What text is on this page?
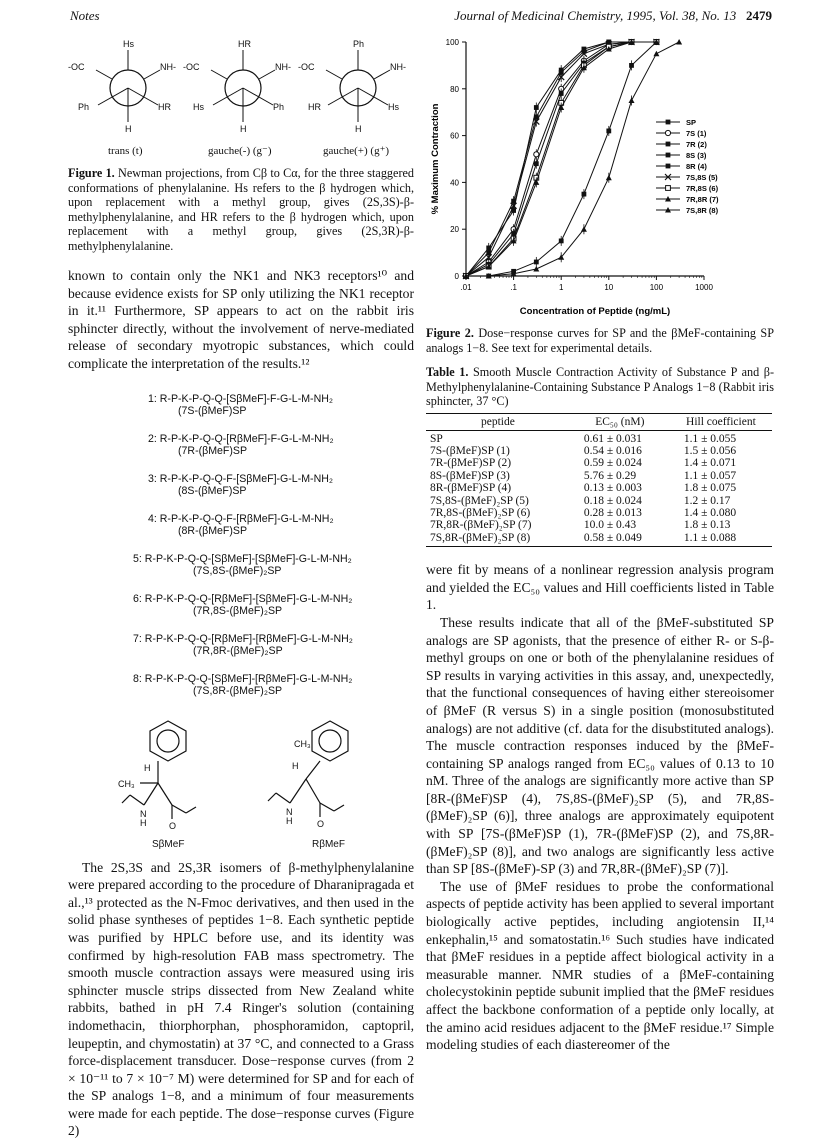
Notes	Journal of Medicinal Chemistry, 1995, Vol. 38, No. 13 2479
Hs
-OC	NH-
Ph	HR
H
HR
-OC	NH-
Hs	Ph
H
Ph
-OC	NH-
HR	Hs
H
trans (t)	gauche(-) (g⁻)	gauche(+) (g⁺)
Figure 1. Newman projections, from Cβ to Cα, for the three staggered conformations of phenylalanine. Hs refers to the β hydrogen which, upon replacement with a methyl group, gives (2S,3S)-β-methylphenylalanine, and HR refers to the β hydrogen which, upon replacement with a methyl group, gives (2S,3R)-β-methylphenylalanine.

known to contain only the NK1 and NK3 receptors¹⁰ and because evidence exists for SP only utilizing the NK1 receptor in it.¹¹ Furthermore, SP appears to act on the rabbit iris sphincter directly, without the involvement of nerve-mediated release of secondary myotropic substances, which could complicate the interpretation of the results.¹²

1: R-P-K-P-Q-Q-[SβMeF]-F-G-L-M-NH₂
(7S-(βMeF)SP
2: R-P-K-P-Q-Q-[RβMeF]-F-G-L-M-NH₂
(7R-(βMeF)SP
3: R-P-K-P-Q-Q-F-[SβMeF]-G-L-M-NH₂
(8S-(βMeF)SP
4: R-P-K-P-Q-Q-F-[RβMeF]-G-L-M-NH₂
(8R-(βMeF)SP
5: R-P-K-P-Q-Q-[SβMeF]-[SβMeF]-G-L-M-NH₂
(7S,8S-(βMeF)₂SP
6: R-P-K-P-Q-Q-[RβMeF]-[SβMeF]-G-L-M-NH₂
(7R,8S-(βMeF)₂SP
7: R-P-K-P-Q-Q-[RβMeF]-[RβMeF]-G-L-M-NH₂
(7R,8R-(βMeF)₂SP
8: R-P-K-P-Q-Q-[SβMeF]-[RβMeF]-G-L-M-NH₂
(7S,8R-(βMeF)₂SP
H
CH₃
N
H	O
CH₃
H
N
H	O
SβMeF	RβMeF

The 2S,3S and 2S,3R isomers of β-methylphenylalanine were prepared according to the procedure of Dharanipragada et al.,¹³ protected as the N-Fmoc derivatives, and then used in the solid phase syntheses of peptides 1−8. Each synthetic peptide was purified by HPLC before use, and its identity was confirmed by high-resolution FAB mass spectrometry. The smooth muscle contraction assays were measured using iris sphincter muscle strips dissected from New Zealand white rabbits, bathed in pH 7.4 Ringer's solution (containing indomethacin, thiorphorphan, phosphoramidon, captopril, leupeptin, and chymostatin) at 37 °C, and connected to a Grass force-displacement transducer. Dose−response curves (from 2 × 10⁻¹¹ to 7 × 10⁻⁷ M) were determined for SP and for each of the SP analogs 1−8, and a minimum of four measurements were made for each peptide. The dose−response curves (Figure 2)

0
20
40
60
80
100
.01	.1	1	10	100	1000
Concentration of Peptide (ng/mL)
% Maximum Contraction	SP
7S (1)
7R (2)
8S (3)
8R (4)
7S,8S (5)
7R,8S (6)
7R,8R (7)
7S,8R (8)
Figure 2. Dose−response curves for SP and the βMeF-containing SP analogs 1−8. See text for experimental details.
Table 1. Smooth Muscle Contraction Activity of Substance P and β-Methylphenylalanine-Containing Substance P Analogs 1−8 (Rabbit iris sphincter, 37 °C)
peptide	EC₅₀ (nM)	Hill coefficient
SP	0.61 ± 0.031	1.1 ± 0.055
7S-(βMeF)SP (1)	0.54 ± 0.016	1.5 ± 0.056
7R-(βMeF)SP (2)	0.59 ± 0.024	1.4 ± 0.071
8S-(βMeF)SP (3)	5.76 ± 0.29	1.1 ± 0.057
8R-(βMeF)SP (4)	0.13 ± 0.003	1.8 ± 0.075
7S,8S-(βMeF)₂SP (5)	0.18 ± 0.024	1.2 ± 0.17
7R,8S-(βMeF)₂SP (6)	0.28 ± 0.013	1.4 ± 0.080
7R,8R-(βMeF)₂SP (7)	10.0 ± 0.43	1.8 ± 0.13
7S,8R-(βMeF)₂SP (8)	0.58 ± 0.049	1.1 ± 0.088

were fit by means of a nonlinear regression analysis program and yielded the EC₅₀ values and Hill coefficients listed in Table 1.

These results indicate that all of the βMeF-substituted SP analogs are SP agonists, that the presence of either R- or S-β-methyl groups on one or both of the phenylalanine residues of SP results in varying activities in this assay, and, unexpectedly, that the functional consequences of having either stereoisomer of βMeF (R versus S) in a single position (monosubstituted analogs) are not additive (cf. data for the disubstituted analogs). The muscle contraction responses induced by the βMeF-containing SP analogs ranged from EC₅₀ values of 0.13 to 10 nM. Three of the analogs are significantly more active than SP [8R-(βMeF)SP (4), 7S,8S-(βMeF)₂SP (5), and 7R,8S-(βMeF)₂SP (6)], three analogs are approximately equipotent with SP [7S-(βMeF)SP (1), 7R-(βMeF)SP (2), and 7S,8R-(βMeF)₂SP (8)], and two analogs are significantly less active than SP [8S-(βMeF)-SP (3) and 7R,8R-(βMeF)₂SP (7)].

The use of βMeF residues to probe the conformational aspects of peptide activity has been applied to several important biologically active peptides, including angiotensin II,¹⁴ enkephalin,¹⁵ and somatostatin.¹⁶ Such studies have indicated that βMeF residues in a peptide affect biological activity in a measurable manner. NMR studies of a βMeF-containing cholecystokinin peptide subunit implied that the βMeF residues affect the backbone conformation of a peptide only locally, at the amino acid residues adjacent to the βMeF residue.¹⁷ Simple modeling studies of each diastereomer of the
